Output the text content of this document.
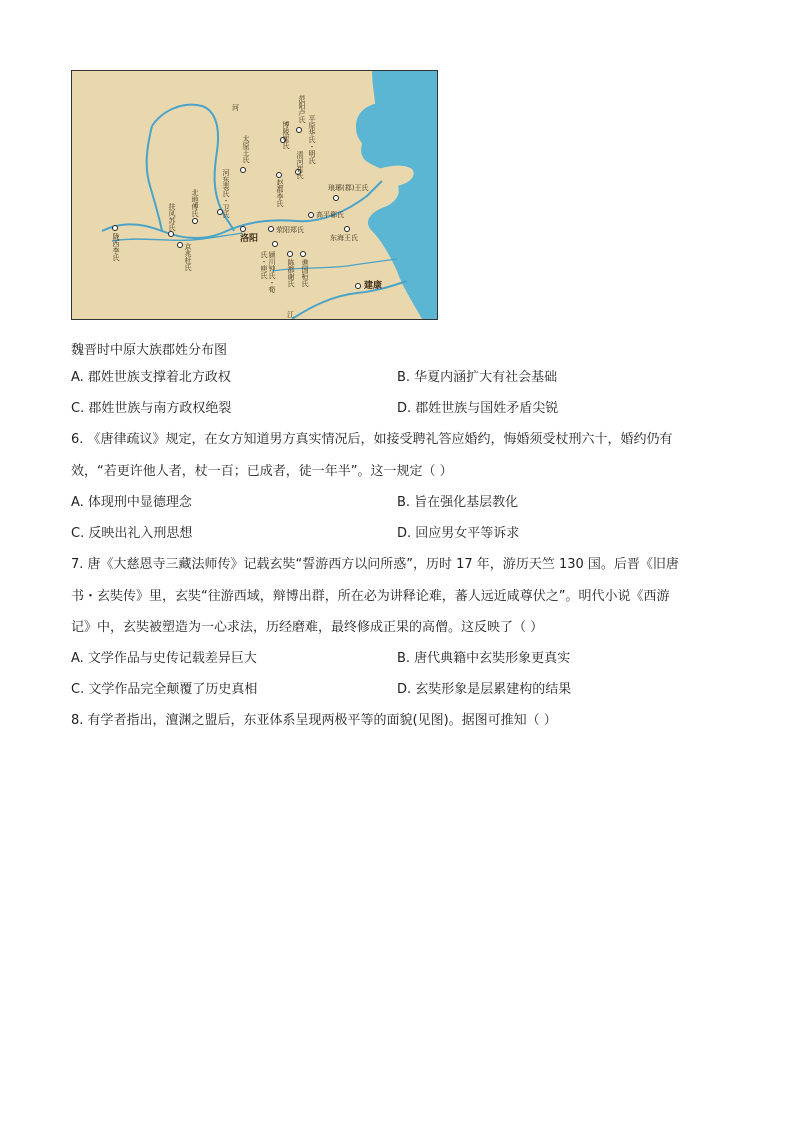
范阳卢氏
平原华氏・明氏
博陵崔氏
清河崔氏
太原王氏
赵郡李氏
河东裴氏・卫氏
北地傅氏
扶风苏氏
陇西李氏	京兆杜氏
洛阳
荥阳郑氏
颍川钟氏・荀氏・庾氏	陈郡谢氏 谯国桓氏
高平郗氏
琅琊(郡)王氏
东海王氏
建康
河
江
魏晋时中原大族郡姓分布图
A. 郡姓世族支撑着北方政权	B. 华夏内涵扩大有社会基础
C. 郡姓世族与南方政权绝裂	D. 郡姓世族与国姓矛盾尖锐
6. 《唐律疏议》规定，在女方知道男方真实情况后，如接受聘礼答应婚约，悔婚须受杖刑六十，婚约仍有
效，“若更许他人者，杖一百；已成者，徒一年半”。这一规定（ ）
A. 体现刑中显德理念	B. 旨在强化基层教化
C. 反映出礼入刑思想	D. 回应男女平等诉求
7. 唐《大慈恩寺三藏法师传》记载玄奘“誓游西方以问所惑”，历时 17 年，游历天竺 130 国。后晋《旧唐
书・玄奘传》里，玄奘“往游西域，辩博出群，所在必为讲释论难，蕃人远近咸尊伏之”。明代小说《西游
记》中，玄奘被塑造为一心求法，历经磨难，最终修成正果的高僧。这反映了（ ）
A. 文学作品与史传记载差异巨大	B. 唐代典籍中玄奘形象更真实
C. 文学作品完全颠覆了历史真相	D. 玄奘形象是层累建构的结果
8. 有学者指出，澶渊之盟后，东亚体系呈现两极平等的面貌(见图)。据图可推知（ ）
